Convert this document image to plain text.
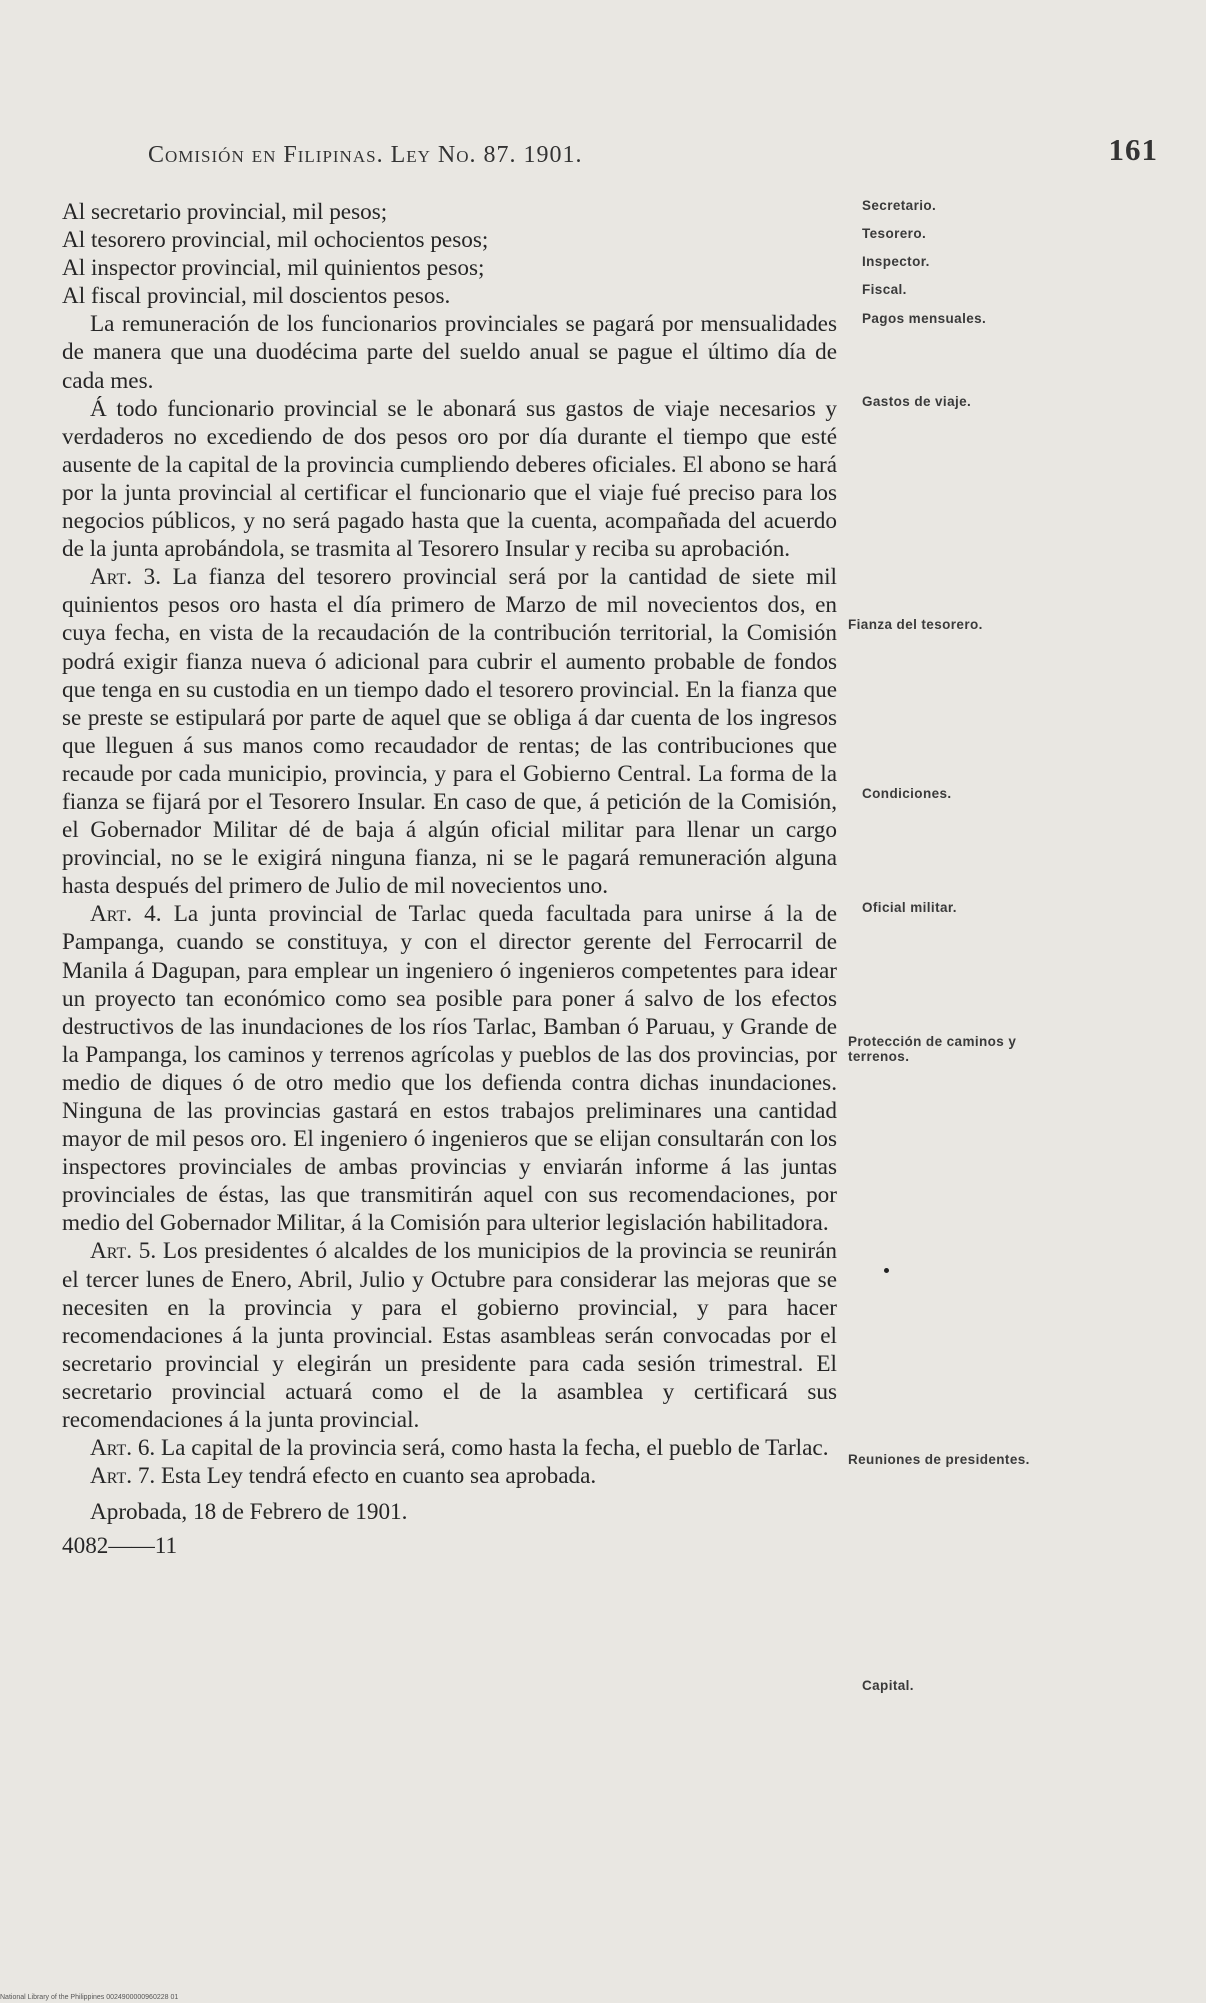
Comisión en Filipinas. Ley No. 87. 1901.	161

Al secretario provincial, mil pesos;

Al tesorero provincial, mil ochocientos pesos;

Al inspector provincial, mil quinientos pesos;

Al fiscal provincial, mil doscientos pesos.

La remuneración de los funcionarios provinciales se pagará por mensualidades de manera que una duodécima parte del sueldo anual se pague el último día de cada mes.

Á todo funcionario provincial se le abonará sus gastos de viaje necesarios y verdaderos no excediendo de dos pesos oro por día durante el tiempo que esté ausente de la capital de la provincia cumpliendo deberes oficiales. El abono se hará por la junta provincial al certificar el funcionario que el viaje fué preciso para los negocios públicos, y no será pagado hasta que la cuenta, acompañada del acuerdo de la junta aprobándola, se trasmita al Tesorero Insular y reciba su aprobación.

Art. 3. La fianza del tesorero provincial será por la cantidad de siete mil quinientos pesos oro hasta el día primero de Marzo de mil novecientos dos, en cuya fecha, en vista de la recaudación de la contribución territorial, la Comisión podrá exigir fianza nueva ó adicional para cubrir el aumento probable de fondos que tenga en su custodia en un tiempo dado el tesorero provincial. En la fianza que se preste se estipulará por parte de aquel que se obliga á dar cuenta de los ingresos que lleguen á sus manos como recaudador de rentas; de las contribuciones que recaude por cada municipio, provincia, y para el Gobierno Central. La forma de la fianza se fijará por el Tesorero Insular. En caso de que, á petición de la Comisión, el Gobernador Militar dé de baja á algún oficial militar para llenar un cargo provincial, no se le exigirá ninguna fianza, ni se le pagará remuneración alguna hasta después del primero de Julio de mil novecientos uno.

Art. 4. La junta provincial de Tarlac queda facultada para unirse á la de Pampanga, cuando se constituya, y con el director gerente del Ferrocarril de Manila á Dagupan, para emplear un ingeniero ó ingenieros competentes para idear un proyecto tan económico como sea posible para poner á salvo de los efectos destructivos de las inundaciones de los ríos Tarlac, Bamban ó Paruau, y Grande de la Pampanga, los caminos y terrenos agrícolas y pueblos de las dos provincias, por medio de diques ó de otro medio que los defienda contra dichas inundaciones. Ninguna de las provincias gastará en estos trabajos preliminares una cantidad mayor de mil pesos oro. El ingeniero ó ingenieros que se elijan consultarán con los inspectores provinciales de ambas provincias y enviarán informe á las juntas provinciales de éstas, las que transmitirán aquel con sus recomendaciones, por medio del Gobernador Militar, á la Comisión para ulterior legislación habilitadora.

Art. 5. Los presidentes ó alcaldes de los municipios de la provincia se reunirán el tercer lunes de Enero, Abril, Julio y Octubre para considerar las mejoras que se necesiten en la provincia y para el gobierno provincial, y para hacer recomendaciones á la junta provincial. Estas asambleas serán convocadas por el secretario provincial y elegirán un presidente para cada sesión trimestral. El secretario provincial actuará como el de la asamblea y certificará sus recomendaciones á la junta provincial.

Art. 6. La capital de la provincia será, como hasta la fecha, el pueblo de Tarlac.

Art. 7. Esta Ley tendrá efecto en cuanto sea aprobada.

Aprobada, 18 de Febrero de 1901.

4082——11

Secretario.
Tesorero.
Inspector.
Fiscal.
Pagos mensuales.
Gastos de viaje.
Fianza del tesorero.
Condiciones.
Oficial militar.
Protección de caminos y terrenos.
Reuniones de presidentes.
Capital.
National Library of the Philippines 0024900000960228 01
